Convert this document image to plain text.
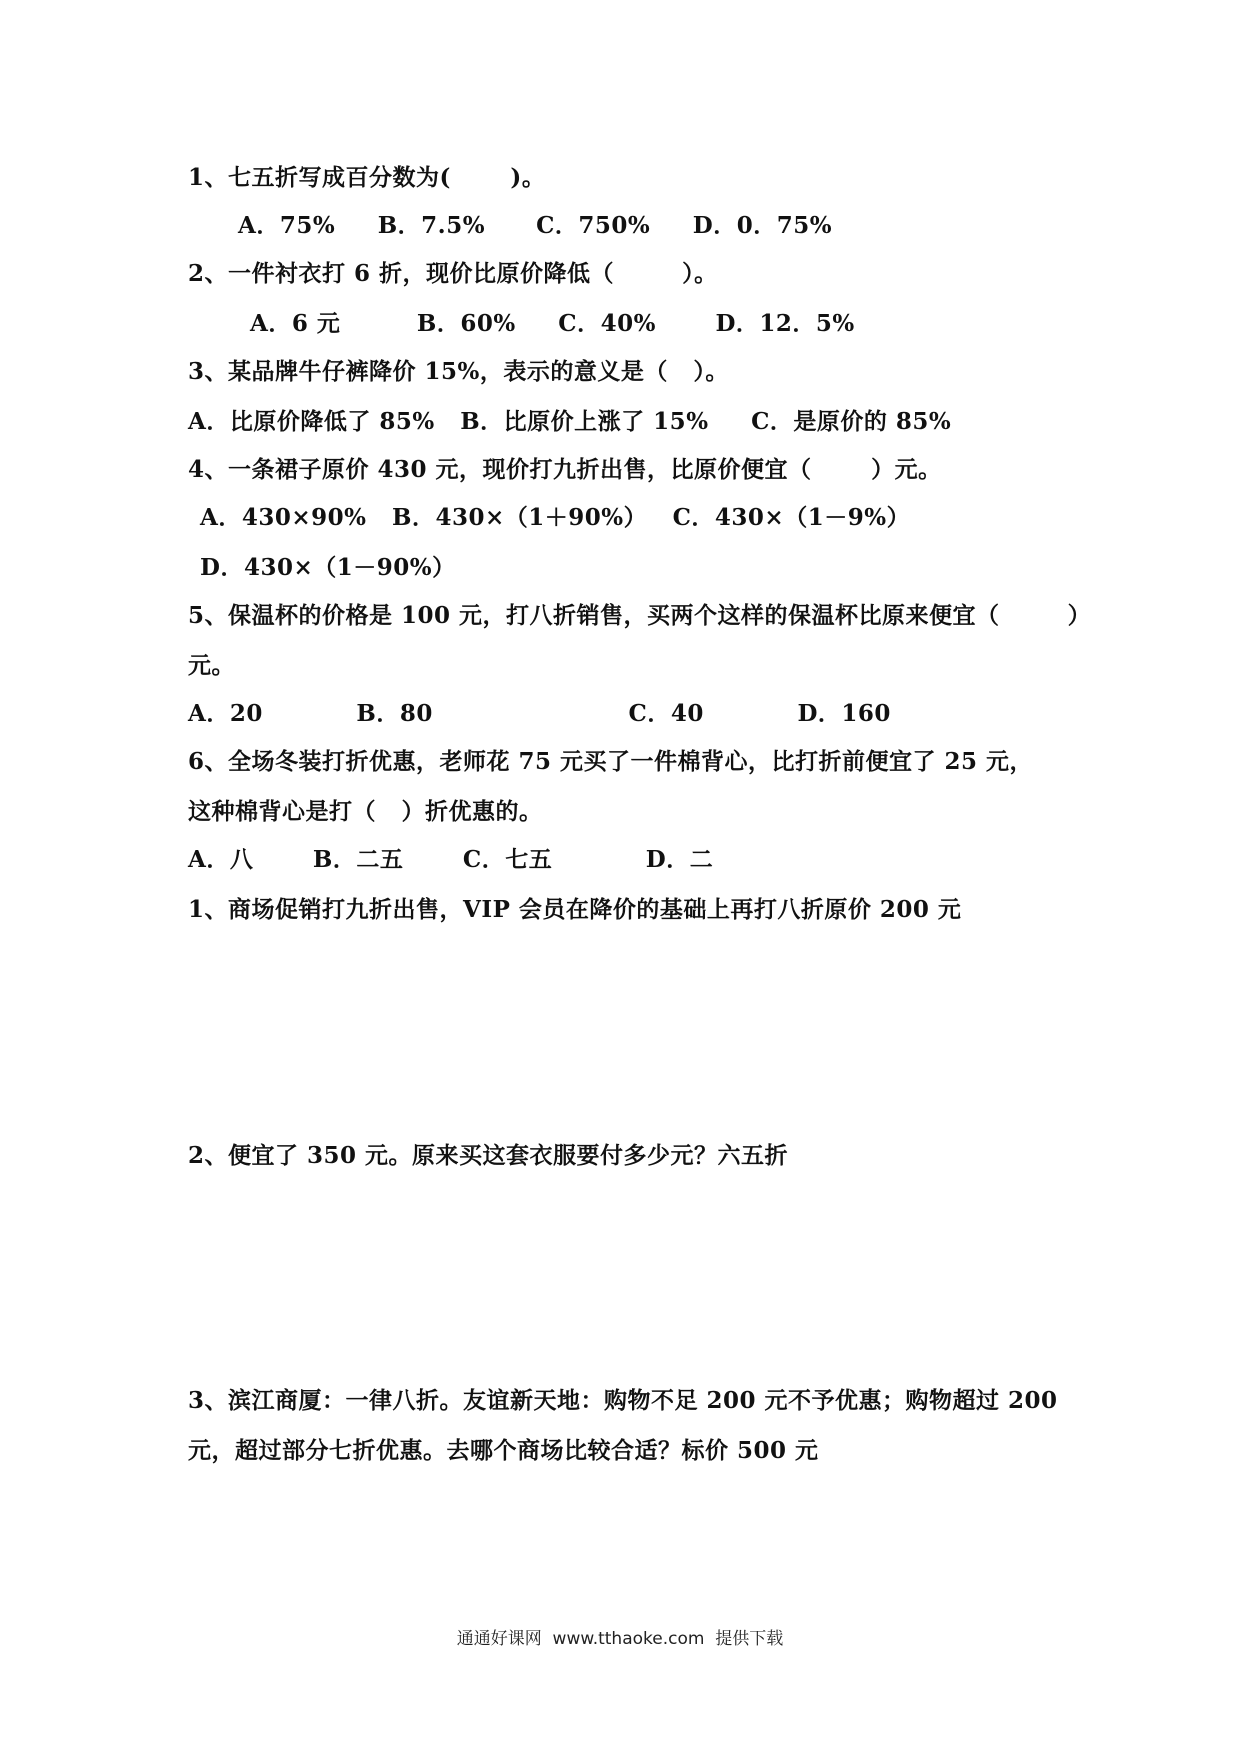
1、七五折写成百分数为(       )。
A．75%     B．7.5%      C．750%     D．0．75%
2、一件衬衣打 6 折，现价比原价降低（        ）。
A．6 元         B．60%     C．40%       D．12．5%
3、某品牌牛仔裤降价 15%，表示的意义是（   ）。
A．比原价降低了 85%   B．比原价上涨了 15%     C．是原价的 85%
4、一条裙子原价 430 元，现价打九折出售，比原价便宜（       ）元。
A．430×90%   B．430×（1＋90%）   C．430×（1－9%）
D．430×（1－90%）
5、保温杯的价格是 100 元，打八折销售，买两个这样的保温杯比原来便宜（        ）
元。
A．20           B．80                       C．40           D．160
6、全场冬装打折优惠，老师花 75 元买了一件棉背心，比打折前便宜了 25 元，
这种棉背心是打（   ）折优惠的。
A．八       B．二五       C．七五           D．二
1、商场促销打九折出售，VIP 会员在降价的基础上再打八折原价 200 元
2、便宜了 350 元。原来买这套衣服要付多少元？六五折
3、滨江商厦：一律八折。友谊新天地：购物不足 200 元不予优惠；购物超过 200
元，超过部分七折优惠。去哪个商场比较合适？标价 500 元
通通好课网  www.tthaoke.com  提供下载
